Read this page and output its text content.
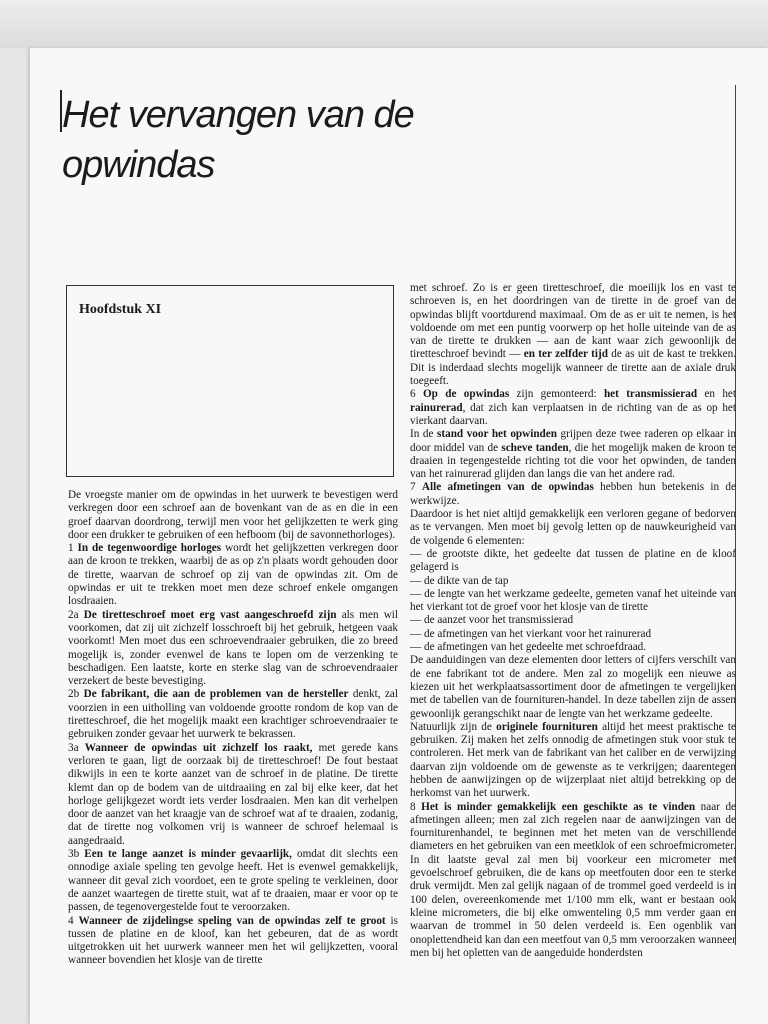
Het vervangen van de
opwindas
Hoofdstuk XI

De vroegste manier om de opwindas in het uurwerk te bevestigen werd verkregen door een schroef aan de bovenkant van de as en die in een groef daarvan doordrong, terwijl men voor het gelijkzetten te werk ging door een drukker te gebruiken of een hefboom (bij de savonnethorloges).

1 In de tegenwoordige horloges wordt het gelijkzetten verkregen door aan de kroon te trekken, waarbij de as op z'n plaats wordt gehouden door de tirette, waarvan de schroef op zij van de opwindas zit. Om de opwindas er uit te trekken moet men deze schroef enkele omgangen losdraaien.

2a De tiretteschroef moet erg vast aangeschroefd zijn als men wil voorkomen, dat zij uit zichzelf losschroeft bij het gebruik, hetgeen vaak voorkomt! Men moet dus een schroevendraaier gebruiken, die zo breed mogelijk is, zonder evenwel de kans te lopen om de verzenking te beschadigen. Een laatste, korte en sterke slag van de schroevendraaier verzekert de beste bevestiging.

2b De fabrikant, die aan de problemen van de hersteller denkt, zal voorzien in een uitholling van voldoende grootte rondom de kop van de tiretteschroef, die het mogelijk maakt een krachtiger schroevendraaier te gebruiken zonder gevaar het uurwerk te bekrassen.

3a Wanneer de opwindas uit zichzelf los raakt, met gerede kans verloren te gaan, ligt de oorzaak bij de tiretteschroef! De fout bestaat dikwijls in een te korte aanzet van de schroef in de platine. De tirette klemt dan op de bodem van de uitdraaiing en zal bij elke keer, dat het horloge gelijkgezet wordt iets verder losdraaien. Men kan dit verhelpen door de aanzet van het kraagje van de schroef wat af te draaien, zodanig, dat de tirette nog volkomen vrij is wanneer de schroef helemaal is aangedraaid.

3b Een te lange aanzet is minder gevaarlijk, omdat dit slechts een onnodige axiale speling ten gevolge heeft. Het is evenwel gemakkelijk, wanneer dit geval zich voordoet, een te grote speling te verkleinen, door de aanzet waartegen de tirette stuit, wat af te draaien, maar er voor op te passen, de tegenovergestelde fout te veroorzaken.

4 Wanneer de zijdelingse speling van de opwindas zelf te groot is tussen de platine en de kloof, kan het gebeuren, dat de as wordt uitgetrokken uit het uurwerk wanneer men het wil gelijkzetten, vooral wanneer bovendien het klosje van de tirette

met schroef. Zo is er geen tiretteschroef, die moeilijk los en vast te schroeven is, en het doordringen van de tirette in de groef van de opwindas blijft voortdurend maximaal. Om de as er uit te nemen, is het voldoende om met een puntig voorwerp op het holle uiteinde van de as van de tirette te drukken — aan de kant waar zich gewoonlijk de tiretteschroef bevindt — en ter zelfder tijd de as uit de kast te trekken. Dit is inderdaad slechts mogelijk wanneer de tirette aan de axiale druk toegeeft.

6 Op de opwindas zijn gemonteerd: het transmissierad en het rainurerad, dat zich kan verplaatsen in de richting van de as op het vierkant daarvan.

In de stand voor het opwinden grijpen deze twee raderen op elkaar in door middel van de scheve tanden, die het mogelijk maken de kroon te draaien in tegengestelde richting tot die voor het opwinden, de tanden van het rainurerad glijden dan langs die van het andere rad.

7 Alle afmetingen van de opwindas hebben hun betekenis in de werkwijze.

Daardoor is het niet altijd gemakkelijk een verloren gegane of bedorven as te vervangen. Men moet bij gevolg letten op de nauwkeurigheid van de volgende 6 elementen:

— de grootste dikte, het gedeelte dat tussen de platine en de kloof gelagerd is

— de dikte van de tap

— de lengte van het werkzame gedeelte, gemeten vanaf het uiteinde van het vierkant tot de groef voor het klosje van de tirette

— de aanzet voor het transmissierad

— de afmetingen van het vierkant voor het rainurerad

— de afmetingen van het gedeelte met schroefdraad.

De aanduidingen van deze elementen door letters of cijfers verschilt van de ene fabrikant tot de andere. Men zal zo mogelijk een nieuwe as kiezen uit het werkplaatsassortiment door de afmetingen te vergelijken met de tabellen van de fournituren-handel. In deze tabellen zijn de assen gewoonlijk gerangschikt naar de lengte van het werkzame gedeelte.

Natuurlijk zijn de originele fournituren altijd het meest praktische te gebruiken. Zij maken het zelfs onnodig de afmetingen stuk voor stuk te controleren. Het merk van de fabrikant van het caliber en de verwijzing daarvan zijn voldoende om de gewenste as te verkrijgen; daarentegen hebben de aanwijzingen op de wijzerplaat niet altijd betrekking op de herkomst van het uurwerk.

8 Het is minder gemakkelijk een geschikte as te vinden naar de afmetingen alleen; men zal zich regelen naar de aanwijzingen van de fourniturenhandel, te beginnen met het meten van de verschillende diameters en het gebruiken van een meetklok of een schroefmicrometer. In dit laatste geval zal men bij voorkeur een micrometer met gevoelschroef gebruiken, die de kans op meetfouten door een te sterke druk vermijdt. Men zal gelijk nagaan of de trommel goed verdeeld is in 100 delen, overeenkomende met 1/100 mm elk, want er bestaan ook kleine micrometers, die bij elke omwenteling 0,5 mm verder gaan en waarvan de trommel in 50 delen verdeeld is. Een ogenblik van onoplettendheid kan dan een meetfout van 0,5 mm veroorzaken wanneer men bij het opletten van de aangeduide honderdsten
